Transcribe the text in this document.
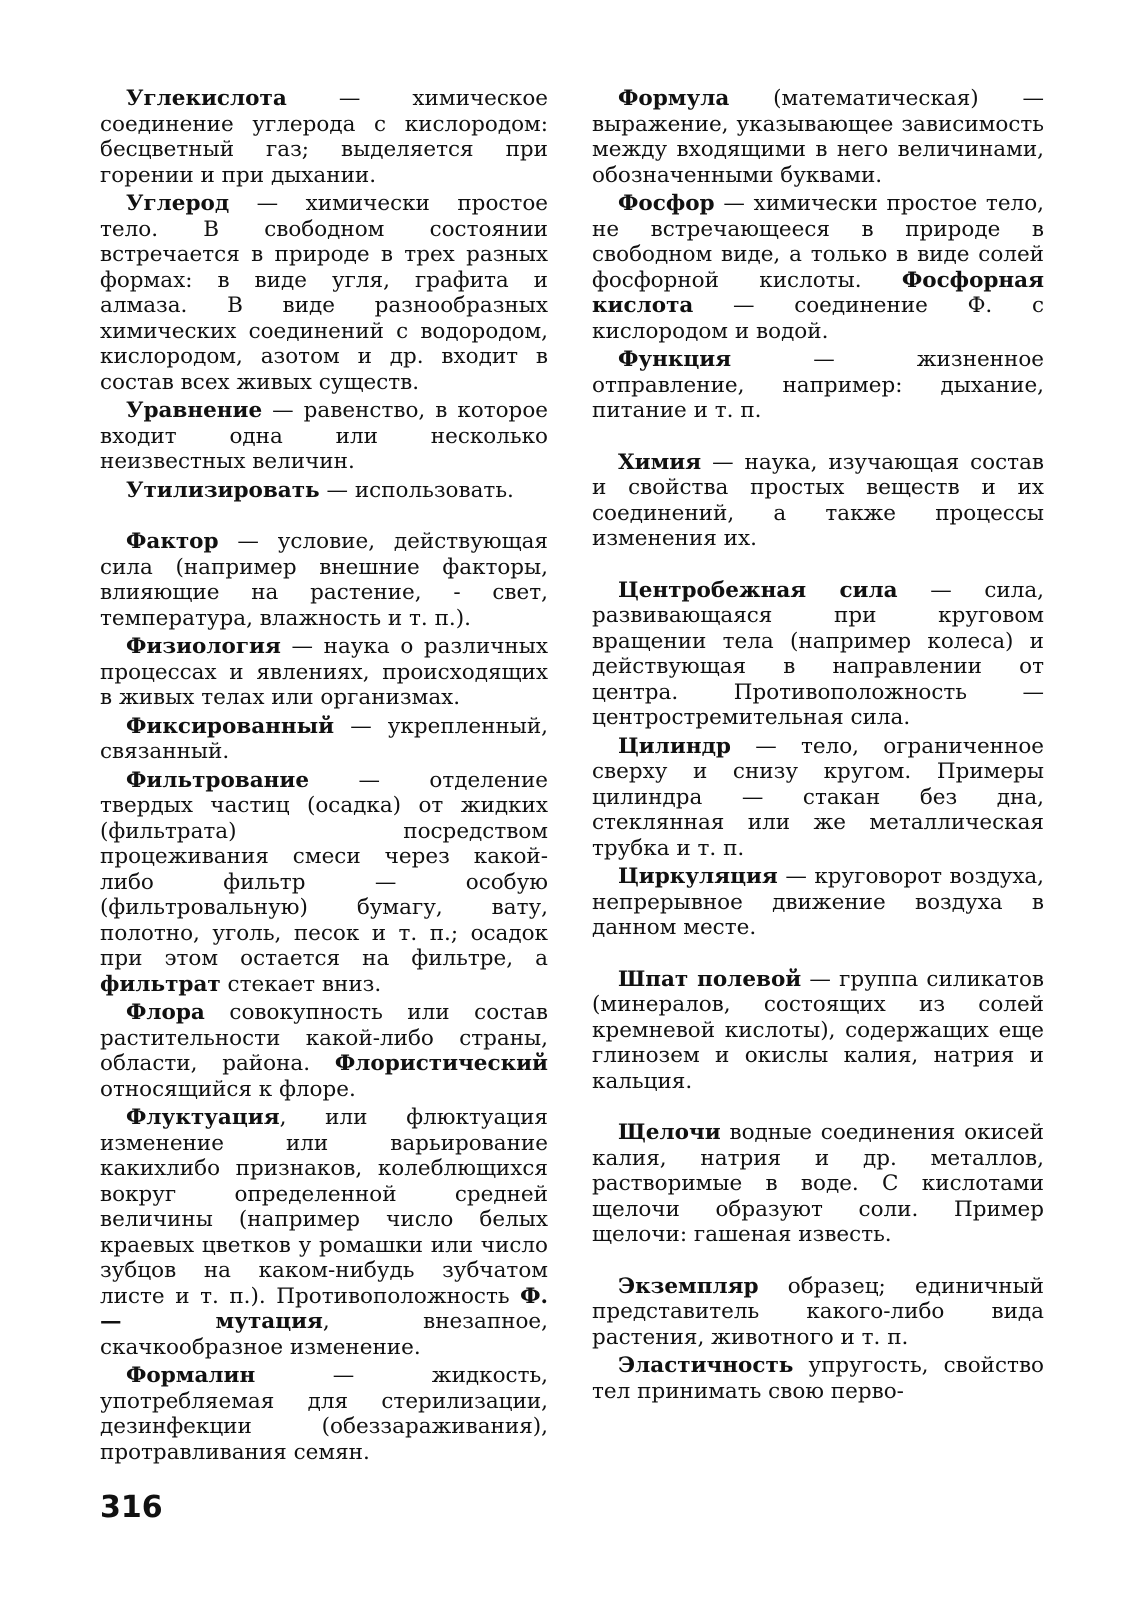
Углекислота — химическое соединение углерода с кислородом: бесцветный газ; выделяется при горении и при дыхании.

Углерод — химически простое тело. В свободном состоянии встречается в природе в трех разных формах: в виде угля, графита и алмаза. В виде разнообразных химических соединений с водородом, кислородом, азотом и др. входит в состав всех живых существ.

Уравнение — равенство, в которое входит одна или несколько неизвестных величин.

Утилизировать — использовать.

Фактор — условие, действующая сила (например внешние факторы, влияющие на растение, - свет, температура, влажность и т. п.).

Физиология — наука о различных процессах и явлениях, происходящих в живых телах или организмах.

Фиксированный — укрепленный, связанный.

Фильтрование — отделение твердых частиц (осадка) от жидких (фильтрата) посредством процеживания смеси через какой-либо фильтр — особую (фильтровальную) бумагу, вату, полотно, уголь, песок и т. п.; осадок при этом остается на фильтре, а фильтрат стекает вниз.

Флора совокупность или состав растительности какой-либо страны, области, района. Флористический относящийся к флоре.

Флуктуация, или флюктуация изменение или варьирование какихлибо признаков, колеблющихся вокруг определенной средней величины (например число белых краевых цветков у ромашки или число зубцов на каком-нибудь зубчатом листе и т. п.). Противоположность Ф. — мутация, внезапное, скачкообразное изменение.

Формалин — жидкость, употребляемая для стерилизации, дезинфекции (обеззараживания), протравливания семян.

Формула (математическая) — выражение, указывающее зависимость между входящими в него величинами, обозначенными буквами.

Фосфор — химически простое тело, не встречающееся в природе в свободном виде, а только в виде солей фосфорной кислоты. Фосфорная кислота — соединение Ф. с кислородом и водой.

Функция — жизненное отправление, например: дыхание, питание и т. п.

Химия — наука, изучающая состав и свойства простых веществ и их соединений, а также процессы изменения их.

Центробежная сила — сила, развивающаяся при круговом вращении тела (например колеса) и действующая в направлении от центра. Противоположность — центростремительная сила.

Цилиндр — тело, ограниченное сверху и снизу кругом. Примеры цилиндра — стакан без дна, стеклянная или же металлическая трубка и т. п.

Циркуляция — круговорот воздуха, непрерывное движение воздуха в данном месте.

Шпат полевой — группа силикатов (минералов, состоящих из солей кремневой кислоты), содержащих еще глинозем и окислы калия, натрия и кальция.

Щелочи водные соединения окисей калия, натрия и др. металлов, растворимые в воде. С кислотами щелочи образуют соли. Пример щелочи: гашеная известь.

Экземпляр образец; единичный представитель какого-либо вида растения, животного и т. п.

Эластичность упругость, свойство тел принимать свою перво-

316
